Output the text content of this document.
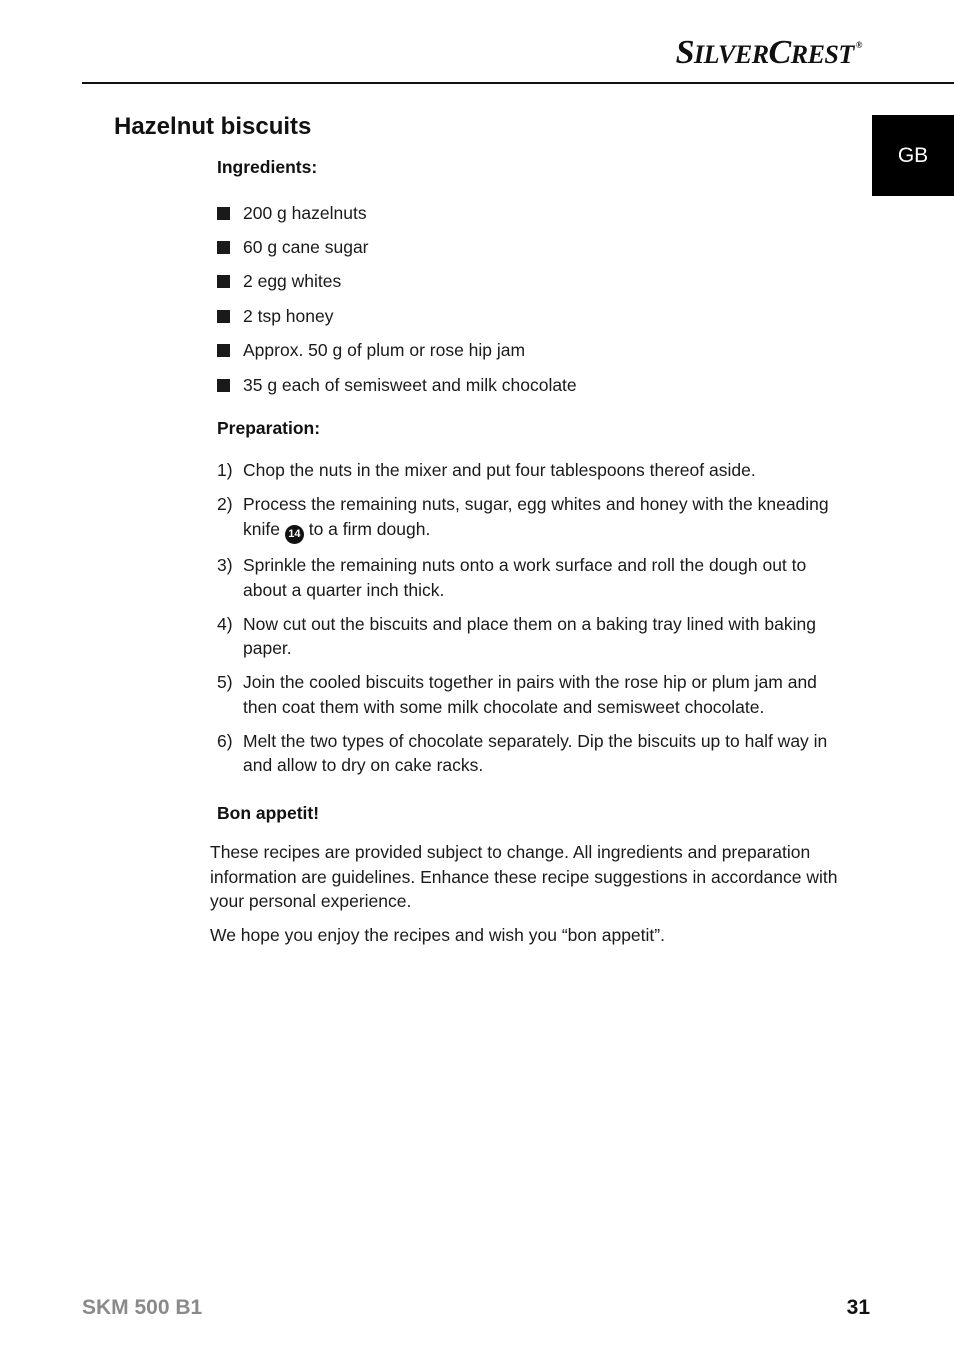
SILVERCREST ®
GB
Hazelnut biscuits
Ingredients:
200 g hazelnuts
60 g cane sugar
2 egg whites
2 tsp honey
Approx. 50 g of plum or rose hip jam
35 g each of semisweet and milk chocolate
Preparation:
1) Chop the nuts in the mixer and put four tablespoons thereof aside.
2) Process the remaining nuts, sugar, egg whites and honey with the kneading knife 14 to a firm dough.
3) Sprinkle the remaining nuts onto a work surface and roll the dough out to about a quarter inch thick.
4) Now cut out the biscuits and place them on a baking tray lined with baking paper.
5) Join the cooled biscuits together in pairs with the rose hip or plum jam and then coat them with some milk chocolate and semisweet chocolate.
6) Melt the two types of chocolate separately. Dip the biscuits up to half way in and allow to dry on cake racks.
Bon appetit!

These recipes are provided subject to change. All ingredients and preparation information are guidelines. Enhance these recipe suggestions in accordance with your personal experience.

We hope you enjoy the recipes and wish you “bon appetit”.

SKM 500 B1	31
